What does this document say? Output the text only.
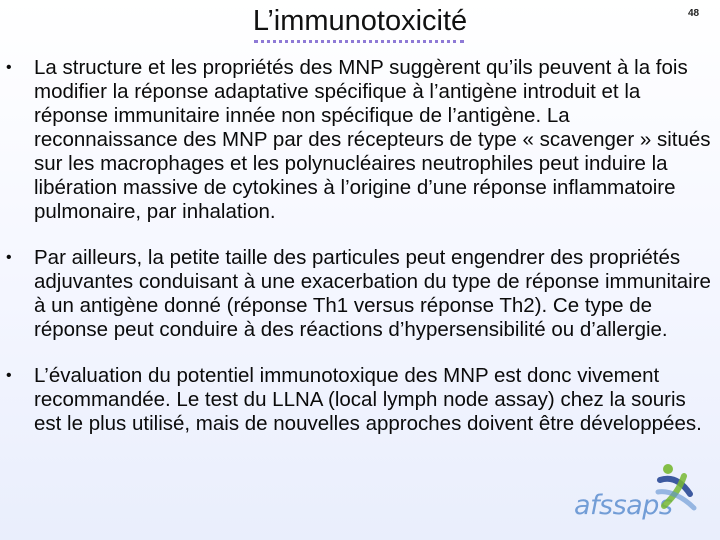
L’immunotoxicité	48
•	La structure et les propriétés des MNP suggèrent qu’ils peuvent à la fois modifier la réponse adaptative spécifique à l’antigène introduit et la réponse immunitaire innée non spécifique de l’antigène. La reconnaissance des MNP par des récepteurs de type « scavenger » situés sur les macrophages et les polynucléaires neutrophiles peut induire la libération massive de cytokines à l’origine d’une réponse inflammatoire pulmonaire, par inhalation.
•	Par ailleurs, la petite taille des particules peut engendrer des propriétés adjuvantes conduisant à une exacerbation du type de réponse immunitaire à un antigène donné (réponse Th1 versus réponse Th2). Ce type de réponse peut conduire à des réactions d’hypersensibilité ou d’allergie.
•	L’évaluation du potentiel immunotoxique des MNP est donc vivement recommandée. Le test du LLNA (local lymph node assay) chez la souris est le plus utilisé, mais de nouvelles approches doivent être développées.
afssaps
